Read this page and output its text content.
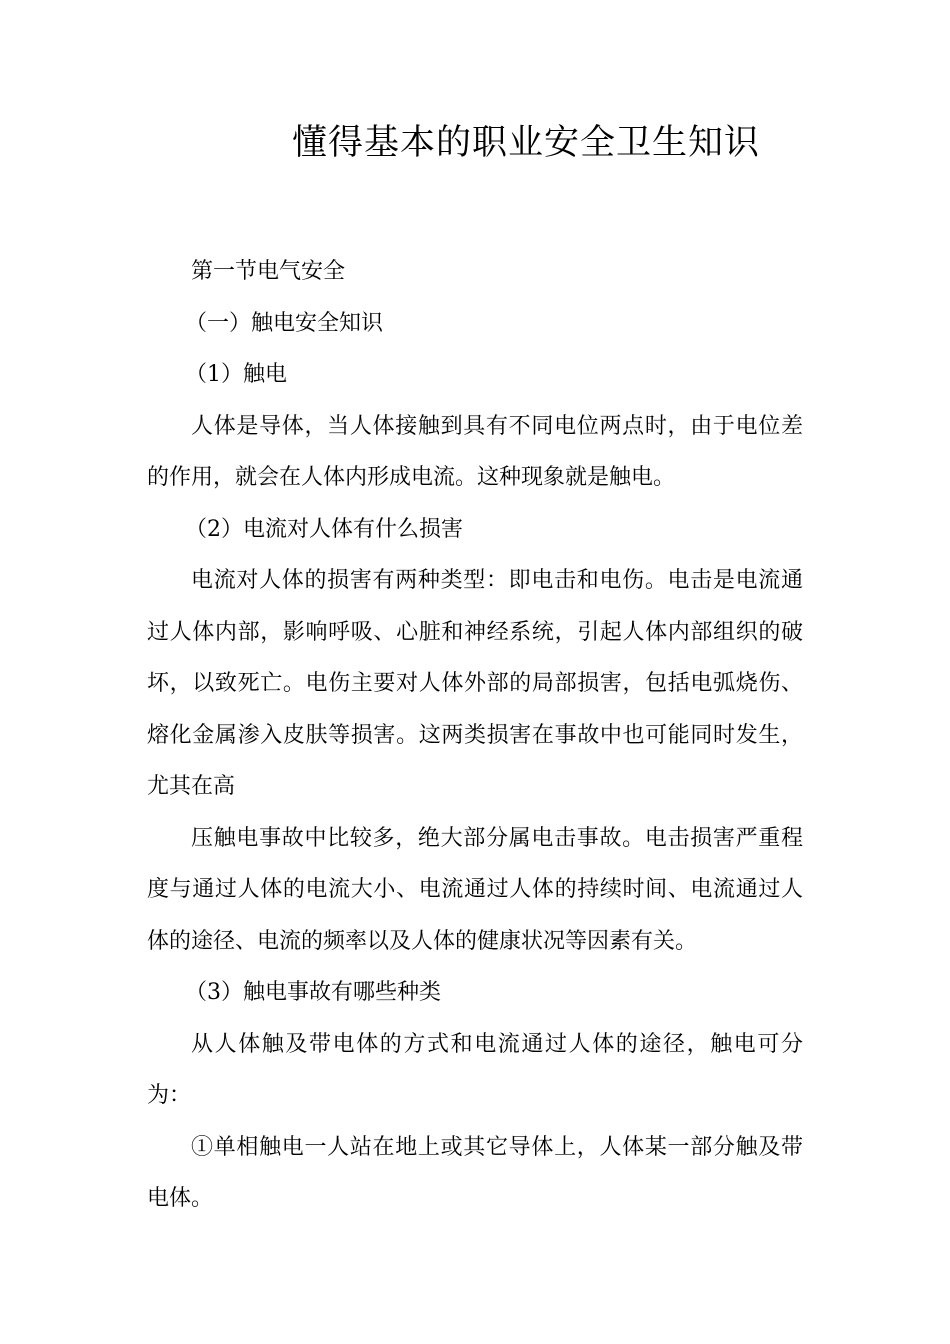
懂得基本的职业安全卫生知识

第一节电气安全

（一）触电安全知识

（1）触电

人体是导体，当人体接触到具有不同电位两点时，由于电位差的作用，就会在人体内形成电流。这种现象就是触电。

（2）电流对人体有什么损害

电流对人体的损害有两种类型：即电击和电伤。电击是电流通过人体内部，影响呼吸、心脏和神经系统，引起人体内部组织的破坏，以致死亡。电伤主要对人体外部的局部损害，包括电弧烧伤、熔化金属渗入皮肤等损害。这两类损害在事故中也可能同时发生，尤其在高

压触电事故中比较多，绝大部分属电击事故。电击损害严重程度与通过人体的电流大小、电流通过人体的持续时间、电流通过人体的途径、电流的频率以及人体的健康状况等因素有关。

（3）触电事故有哪些种类

从人体触及带电体的方式和电流通过人体的途径，触电可分为：

①单相触电一人站在地上或其它导体上，人体某一部分触及带电体。
